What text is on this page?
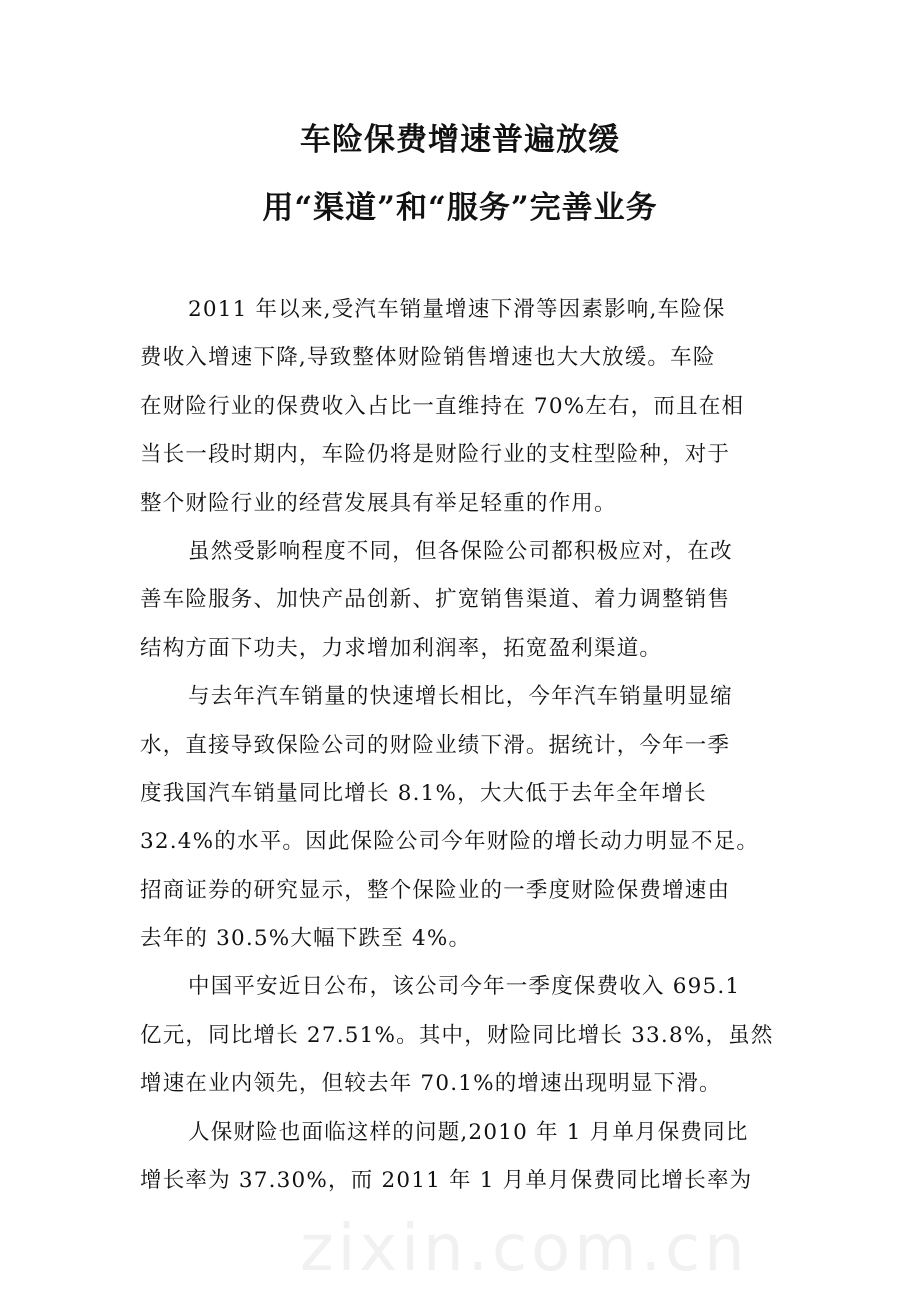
车险保费增速普遍放缓
用“渠道”和“服务”完善业务
2011 年以来,受汽车销量增速下滑等因素影响,车险保
费收入增速下降,导致整体财险销售增速也大大放缓。车险
在财险行业的保费收入占比一直维持在 70%左右，而且在相
当长一段时期内，车险仍将是财险行业的支柱型险种，对于
整个财险行业的经营发展具有举足轻重的作用。
虽然受影响程度不同，但各保险公司都积极应对，在改
善车险服务、加快产品创新、扩宽销售渠道、着力调整销售
结构方面下功夫，力求增加利润率，拓宽盈利渠道。
与去年汽车销量的快速增长相比，今年汽车销量明显缩
水，直接导致保险公司的财险业绩下滑。据统计，今年一季
度我国汽车销量同比增长 8.1%，大大低于去年全年增长
32.4%的水平。因此保险公司今年财险的增长动力明显不足。
招商证券的研究显示，整个保险业的一季度财险保费增速由
去年的 30.5%大幅下跌至 4%。
中国平安近日公布，该公司今年一季度保费收入 695.1
亿元，同比增长 27.51%。其中，财险同比增长 33.8%，虽然
增速在业内领先，但较去年 70.1%的增速出现明显下滑。
人保财险也面临这样的问题,2010 年 1 月单月保费同比
增长率为 37.30%，而 2011 年 1 月单月保费同比增长率为
zixin.com.cn
